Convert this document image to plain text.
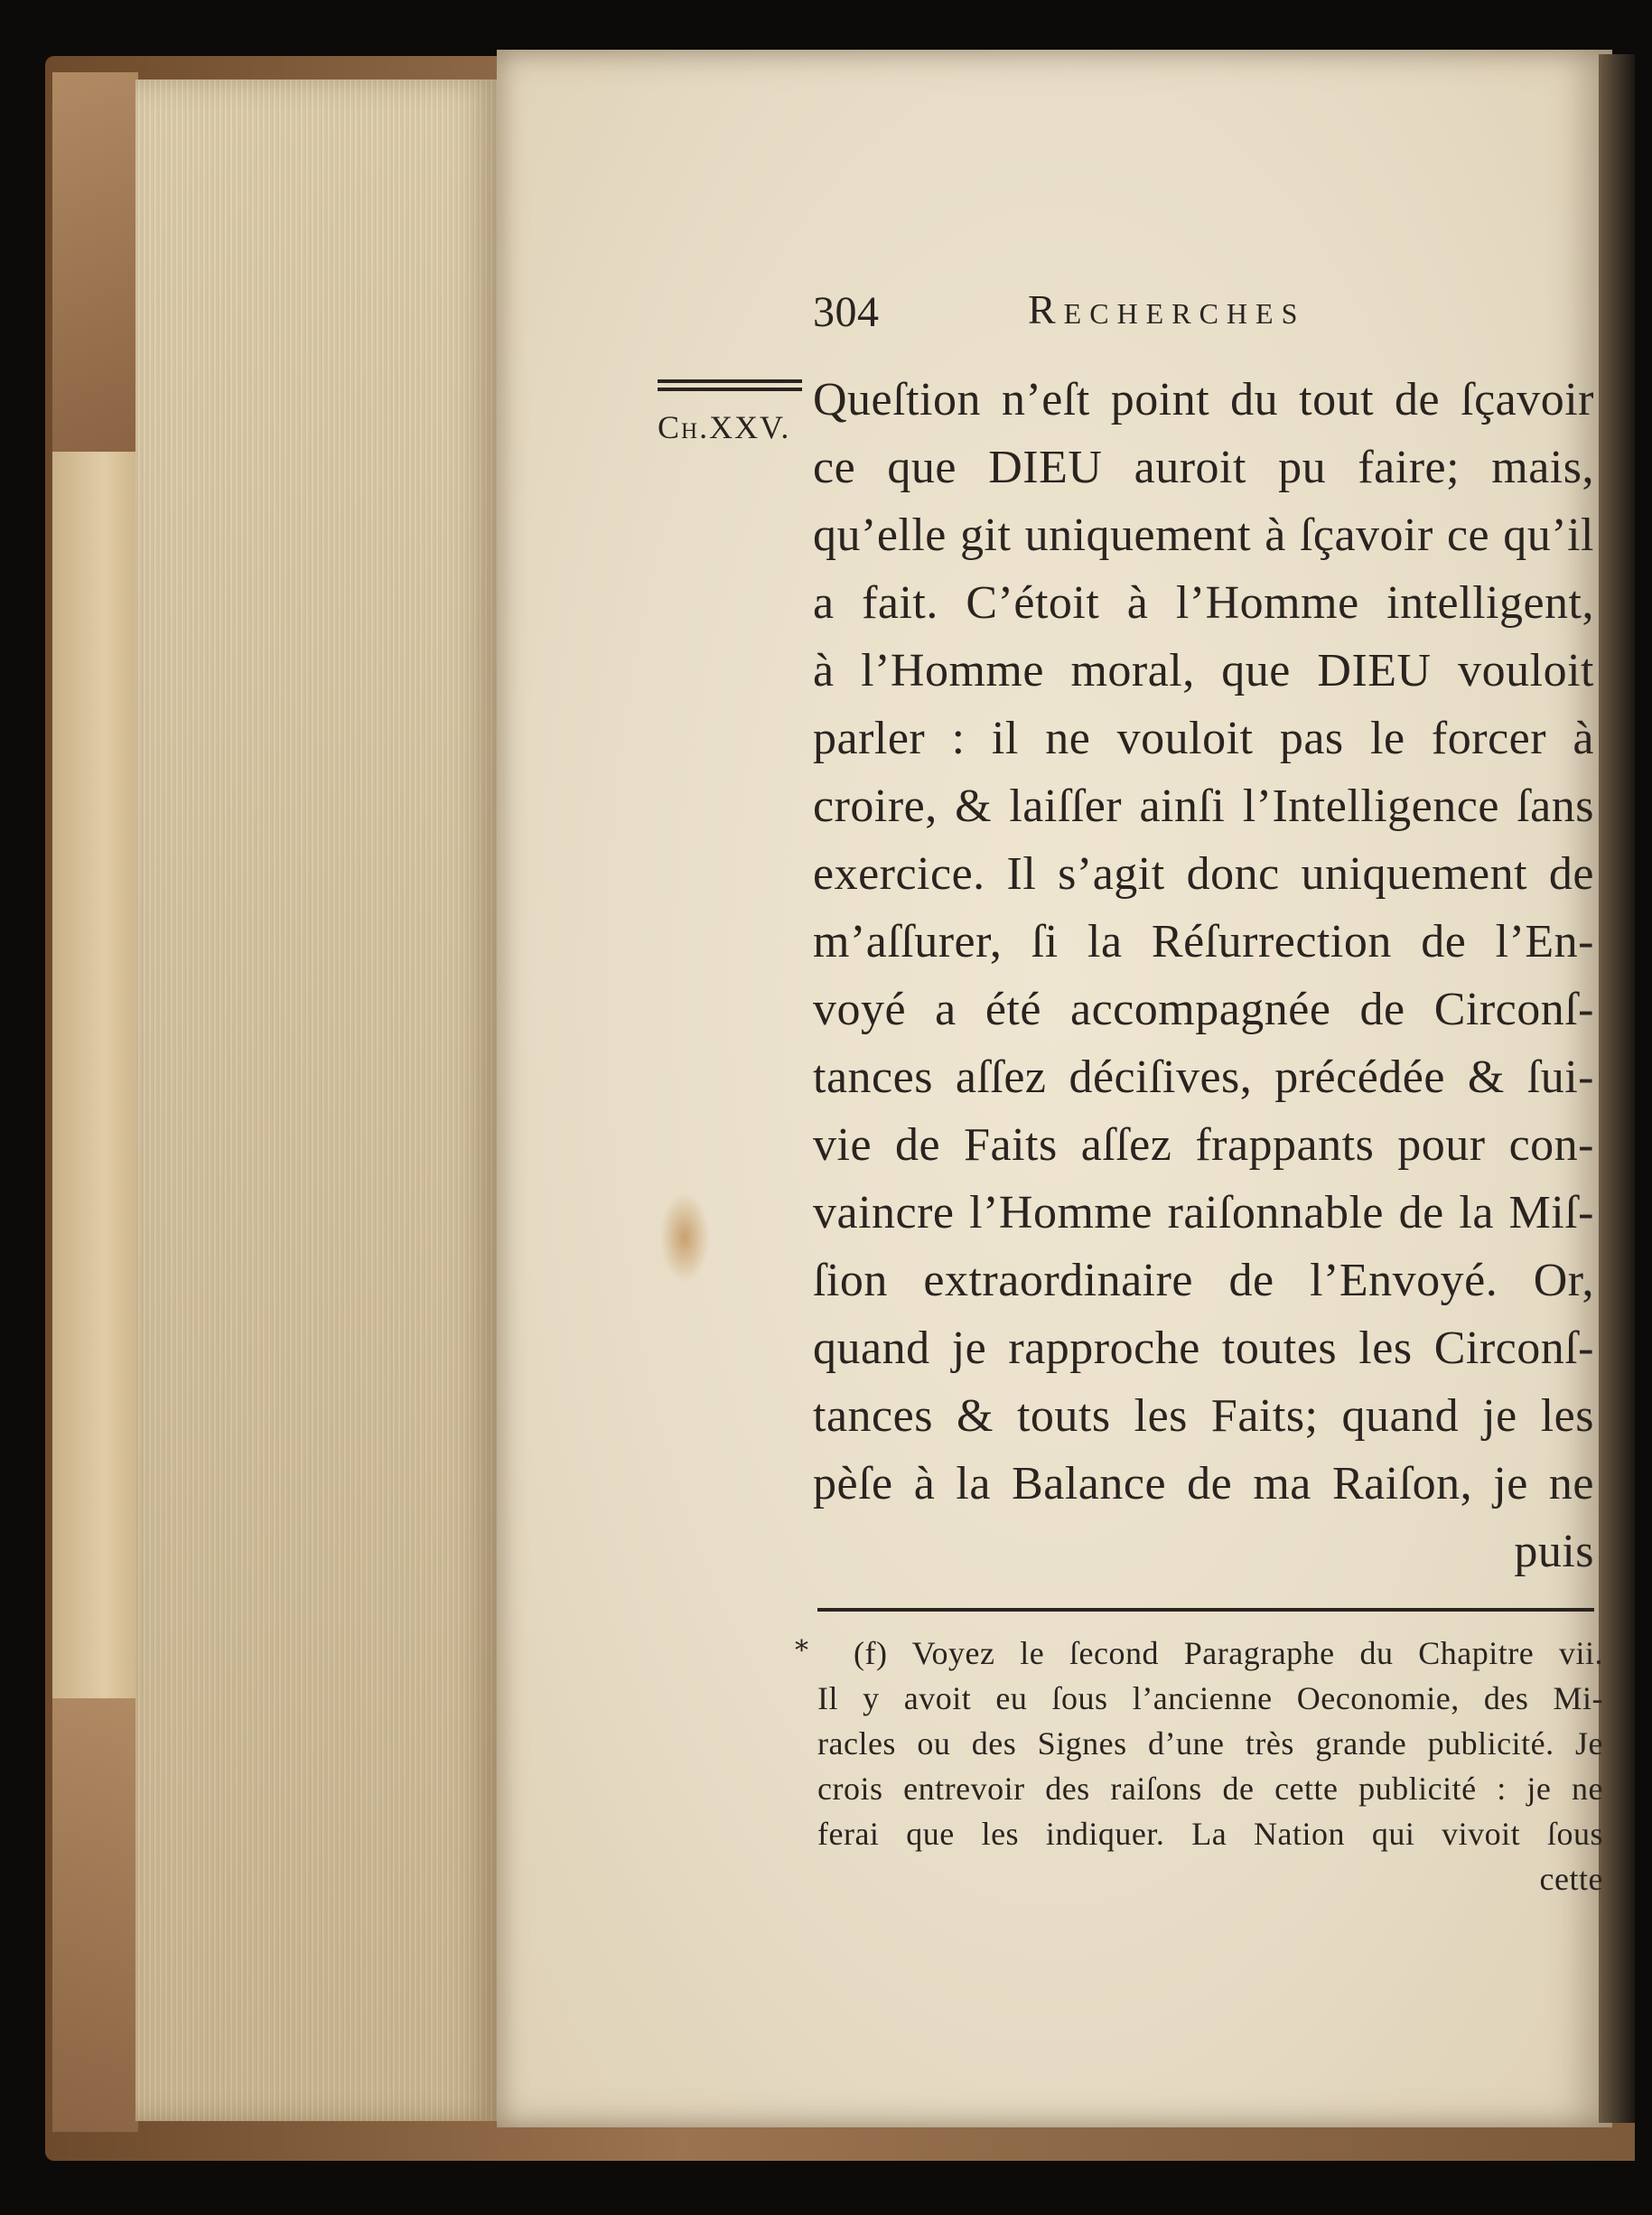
304	Recherches
Ch.XXV.
Queſtion n’eſt point du tout de ſçavoir
ce que DIEU auroit pu faire; mais,
qu’elle git uniquement à ſçavoir ce qu’il
a fait. C’étoit à l’Homme intelligent,
à l’Homme moral, que DIEU vouloit
parler : il ne vouloit pas le forcer à
croire, & laiſſer ainſi l’Intelligence ſans
exercice. Il s’agit donc uniquement de
m’aſſurer, ſi la Réſurrection de l’En-
voyé a été accompagnée de Circonſ-
tances aſſez déciſives, précédée & ſui-
vie de Faits aſſez frappants pour con-
vaincre l’Homme raiſonnable de la Miſ-
ſion extraordinaire de l’Envoyé. Or,
quand je rapproche toutes les Circonſ-
tances & touts les Faits; quand je les
pèſe à la Balance de ma Raiſon, je ne
puis
*	(f) Voyez le ſecond Paragraphe du Chapitre vii.
Il y avoit eu ſous l’ancienne Oeconomie, des Mi-
racles ou des Signes d’une très grande publicité. Je
crois entrevoir des raiſons de cette publicité : je ne
ferai que les indiquer. La Nation qui vivoit ſous
cette
